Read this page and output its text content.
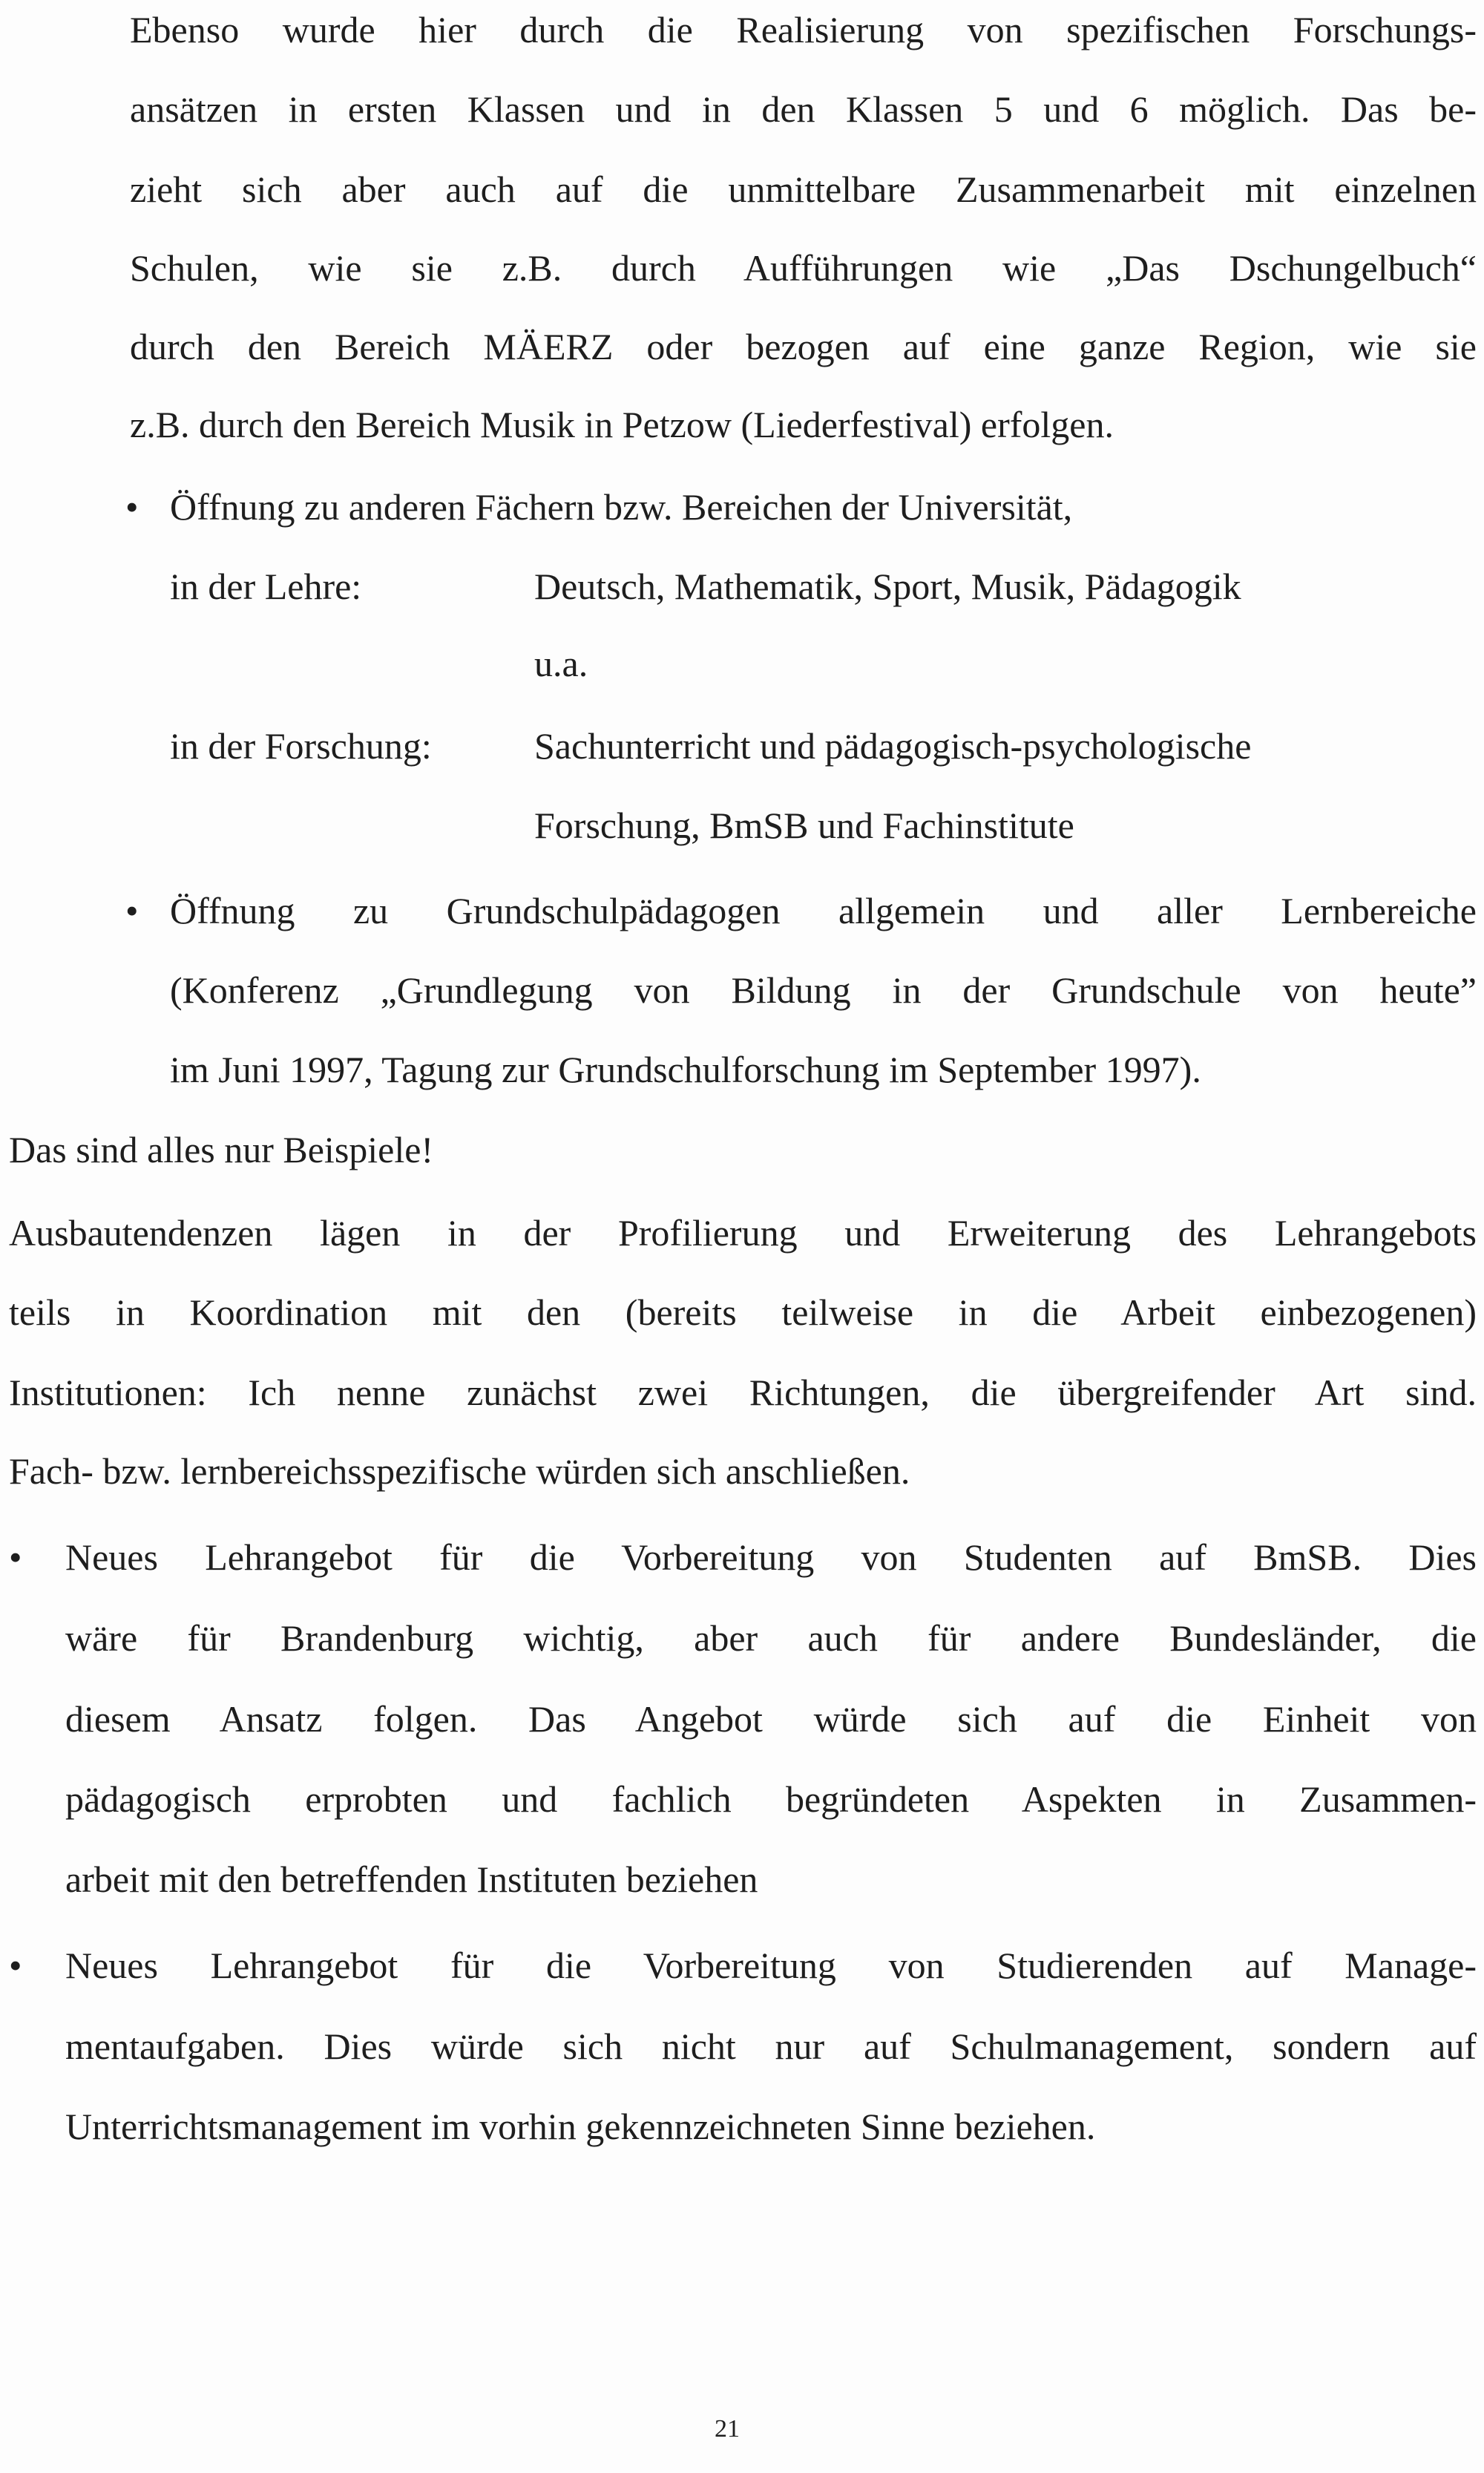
Ebenso wurde hier durch die Realisierung von spezifischen Forschungs-
ansätzen in ersten Klassen und in den Klassen 5 und 6 möglich. Das be-
zieht sich aber auch auf die unmittelbare Zusammenarbeit mit einzelnen
Schulen, wie sie z.B. durch Aufführungen wie „Das Dschungelbuch“
durch den Bereich MÄERZ oder bezogen auf eine ganze Region, wie sie
z.B. durch den Bereich Musik in Petzow (Liederfestival) erfolgen.
• Öffnung zu anderen Fächern bzw. Bereichen der Universität,
in der Lehre:	Deutsch, Mathematik, Sport, Musik, Pädagogik
u.a.
in der Forschung:	Sachunterricht und pädagogisch-psychologische
Forschung, BmSB und Fachinstitute
• Öffnung zu Grundschulpädagogen allgemein und aller Lernbereiche
(Konferenz „Grundlegung von Bildung in der Grundschule von heute”
im Juni 1997, Tagung zur Grundschulforschung im September 1997).
Das sind alles nur Beispiele!
Ausbautendenzen lägen in der Profilierung und Erweiterung des Lehrangebots
teils in Koordination mit den (bereits teilweise in die Arbeit einbezogenen)
Institutionen: Ich nenne zunächst zwei Richtungen, die übergreifender Art sind.
Fach- bzw. lernbereichsspezifische würden sich anschließen.
• Neues Lehrangebot für die Vorbereitung von Studenten auf BmSB. Dies
wäre für Brandenburg wichtig, aber auch für andere Bundesländer, die
diesem Ansatz folgen. Das Angebot würde sich auf die Einheit von
pädagogisch erprobten und fachlich begründeten Aspekten in Zusammen-
arbeit mit den betreffenden Instituten beziehen
• Neues Lehrangebot für die Vorbereitung von Studierenden auf Manage-
mentaufgaben. Dies würde sich nicht nur auf Schulmanagement, sondern auf
Unterrichtsmanagement im vorhin gekennzeichneten Sinne beziehen.
21
